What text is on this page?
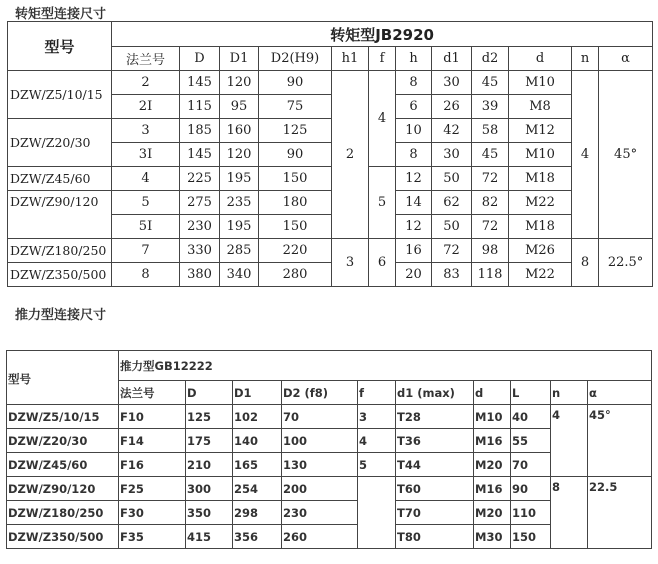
转矩型连接尺寸
型号	转矩型JB2920											
	法兰号	D	D1	D2(H9)	h1	f	h	d1	d2	d	n	α
DZW/Z5/10/15	2	145	120	90	2	4	8	30	45	M10	4	45°
	2I	115	95	75			6	26	39	M8		
DZW/Z20/30	3	185	160	125			10	42	58	M12		
	3I	145	120	90			8	30	45	M10		
DZW/Z45/60	4	225	195	150		5	12	50	72	M18		
DZW/Z90/120	5	275	235	180			14	62	82	M22		
	5I	230	195	150			12	50	72	M18		
DZW/Z180/250	7	330	285	220	3	6	16	72	98	M26	8	22.5°
DZW/Z350/500	8	380	340	280			20	83	118	M22		
推力型连接尺寸
型号	推力型GB12222									
	法兰号	D	D1	D2 (f8)	f	d1 (max)	d	L	n	α
DZW/Z5/10/15	F10	125	102	70	3	T28	M10	40	4	45°
DZW/Z20/30	F14	175	140	100	4	T36	M16	55		
DZW/Z45/60	F16	210	165	130	5	T44	M20	70		
DZW/Z90/120	F25	300	254	200		T60	M16	90	8	22.5
DZW/Z180/250	F30	350	298	230		T70	M20	110		
DZW/Z350/500	F35	415	356	260		T80	M30	150		
